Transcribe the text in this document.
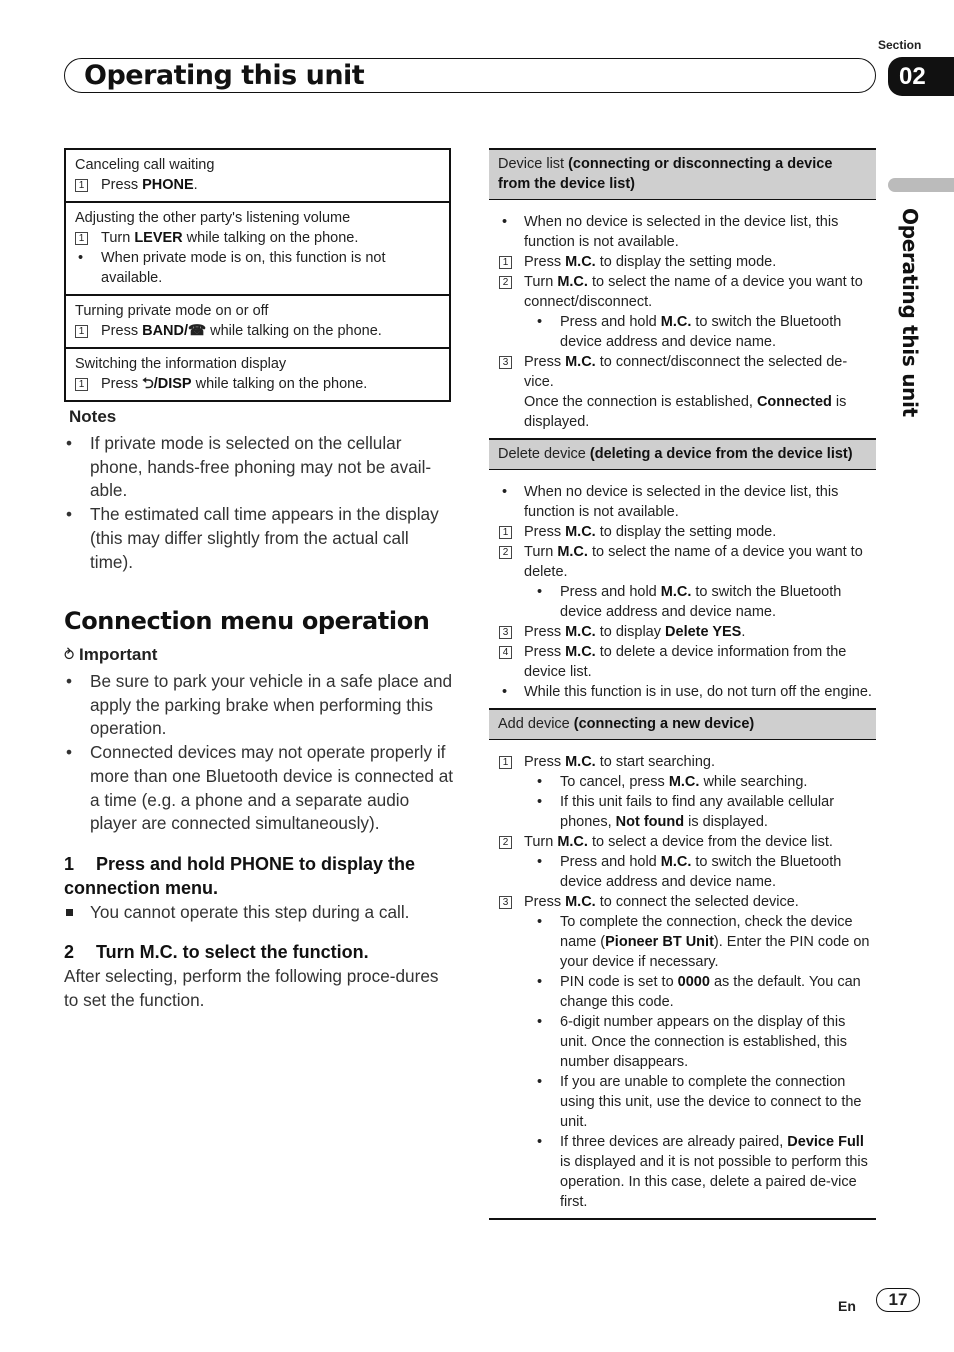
Operating this unit
Section
02
Operating this unit
Canceling call waiting
1 Press PHONE.
Adjusting the other party's listening volume
1 Turn LEVER while talking on the phone.
• When private mode is on, this function is not available.
Turning private mode on or off
1 Press BAND/☎ while talking on the phone.
Switching the information display
1 Press ⮌/DISP while talking on the phone.
Notes
• If private mode is selected on the cellular phone, hands-free phoning may not be avail-able.
• The estimated call time appears in the display (this may differ slightly from the actual call time).
Connection menu operation
⥁ Important
• Be sure to park your vehicle in a safe place and apply the parking brake when performing this operation.
• Connected devices may not operate properly if more than one Bluetooth device is connected at a time (e.g. a phone and a separate audio player are connected simultaneously).
1 Press and hold PHONE to display the connection menu.
You cannot operate this step during a call.
2 Turn M.C. to select the function.
After selecting, perform the following proce-dures to set the function.
Device list (connecting or disconnecting a device from the device list)
• When no device is selected in the device list, this function is not available.
1 Press M.C. to display the setting mode.
2 Turn M.C. to select the name of a device you want to connect/disconnect.
• Press and hold M.C. to switch the Bluetooth device address and device name.
3 Press M.C. to connect/disconnect the selected de-vice.
Once the connection is established, Connected is displayed.
Delete device (deleting a device from the device list)
• When no device is selected in the device list, this function is not available.
1 Press M.C. to display the setting mode.
2 Turn M.C. to select the name of a device you want to delete.
• Press and hold M.C. to switch the Bluetooth device address and device name.
3 Press M.C. to display Delete YES.
4 Press M.C. to delete a device information from the device list.
• While this function is in use, do not turn off the engine.
Add device (connecting a new device)
1 Press M.C. to start searching.
• To cancel, press M.C. while searching.
• If this unit fails to find any available cellular phones, Not found is displayed.
2 Turn M.C. to select a device from the device list.
• Press and hold M.C. to switch the Bluetooth device address and device name.
3 Press M.C. to connect the selected device.
• To complete the connection, check the device name (Pioneer BT Unit). Enter the PIN code on your device if necessary.
• PIN code is set to 0000 as the default. You can change this code.
• 6-digit number appears on the display of this unit. Once the connection is established, this number disappears.
• If you are unable to complete the connection using this unit, use the device to connect to the unit.
• If three devices are already paired, Device Full is displayed and it is not possible to perform this operation. In this case, delete a paired de-vice first.
En	17
